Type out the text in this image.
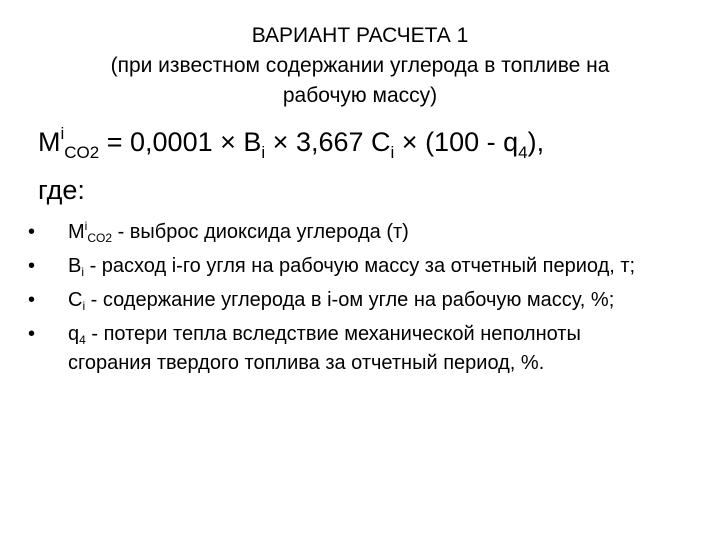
ВАРИАНТ РАСЧЕТА 1
(при известном содержании углерода в топливе на
рабочую массу)
$M^i_{CO2} = 0,0001 \times B_i \times 3,667$ $C_i \times (100 - q_4)$,
где:
• $M^i_{CO2}$ - выброс диоксида углерода (т)
• $B_i$ - расход i-го угля на рабочую массу за отчетный период, т;
• $C_i$ - содержание углерода в i-ом угле на рабочую массу, %;
• $q_4$ - потери тепла вследствие механической неполноты сгорания твердого топлива за отчетный период, %.
